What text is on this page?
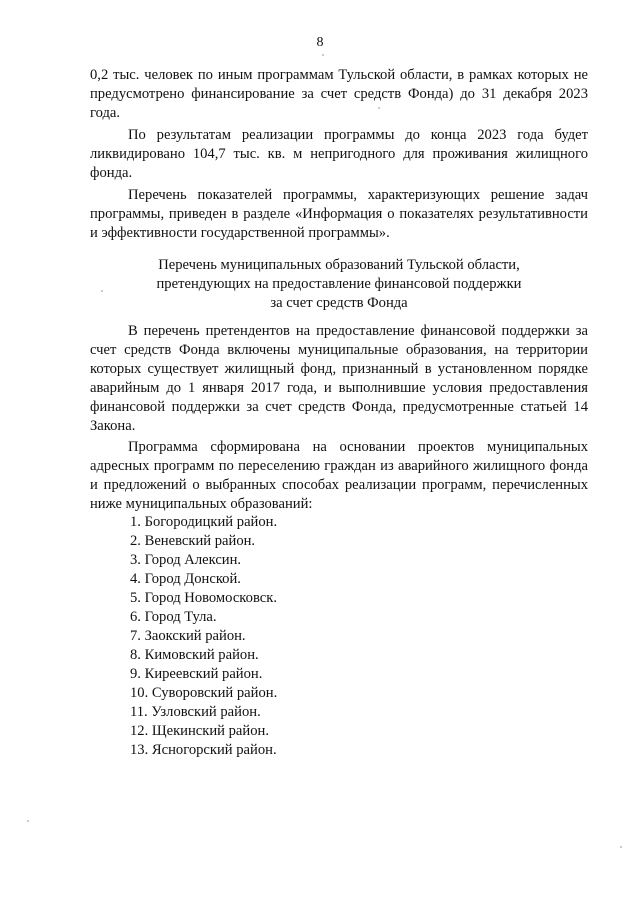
8

0,2 тыс. человек по иным программам Тульской области, в рамках которых не предусмотрено финансирование за счет средств Фонда) до 31 декабря 2023 года.

По результатам реализации программы до конца 2023 года будет ликвидировано 104,7 тыс. кв. м непригодного для проживания жилищного фонда.

Перечень показателей программы, характеризующих решение задач программы, приведен в разделе «Информация о показателях результативности и эффективности государственной программы».

Перечень муниципальных образований Тульской области,
претендующих на предоставление финансовой поддержки
за счет средств Фонда

В перечень претендентов на предоставление финансовой поддержки за счет средств Фонда включены муниципальные образования, на территории которых существует жилищный фонд, признанный в установленном порядке аварийным до 1 января 2017 года, и выполнившие условия предоставления финансовой поддержки за счет средств Фонда, предусмотренные статьей 14 Закона.

Программа сформирована на основании проектов муниципальных адресных программ по переселению граждан из аварийного жилищного фонда и предложений о выбранных способах реализации программ, перечисленных ниже муниципальных образований:

1. Богородицкий район.
2. Веневский район.
3. Город Алексин.
4. Город Донской.
5. Город Новомосковск.
6. Город Тула.
7. Заокский район.
8. Кимовский район.
9. Киреевский район.
10. Суворовский район.
11. Узловский район.
12. Щекинский район.
13. Ясногорский район.
